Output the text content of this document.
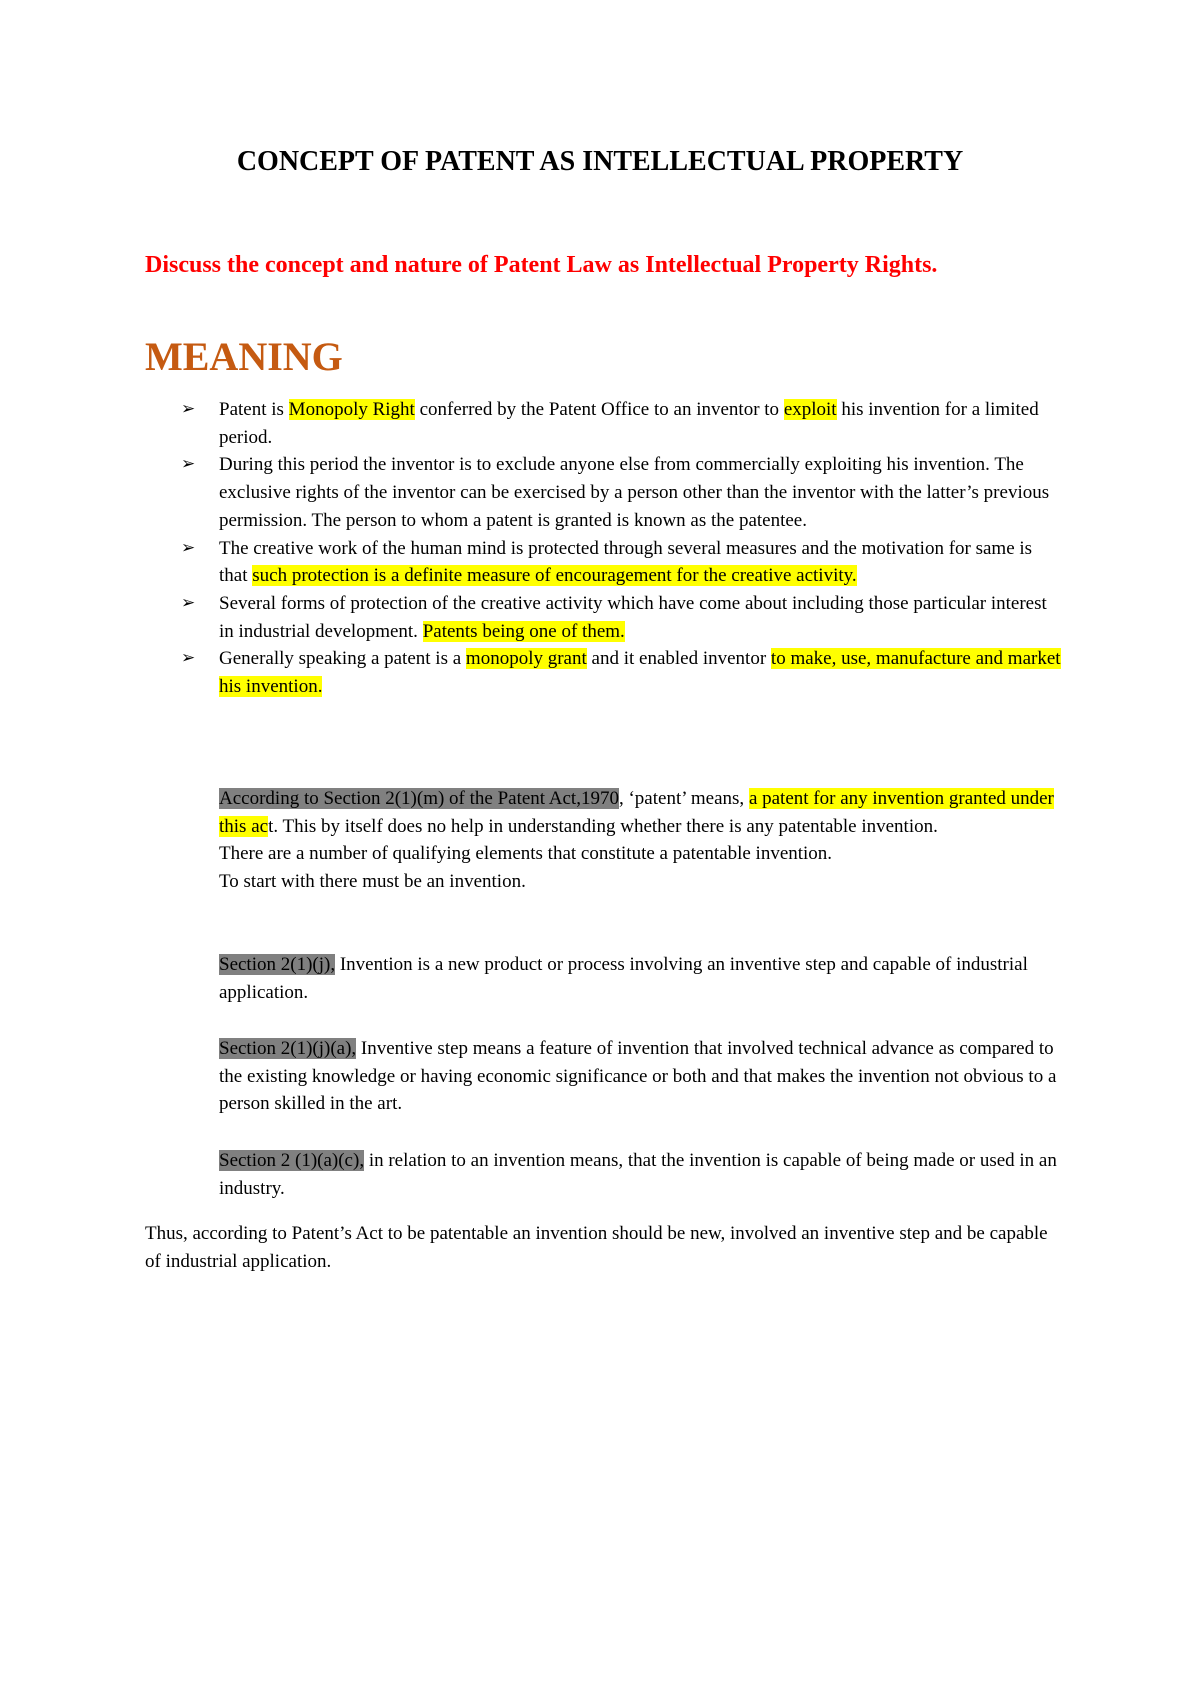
CONCEPT OF PATENT AS INTELLECTUAL PROPERTY

Discuss the concept and nature of Patent Law as Intellectual Property Rights.

MEANING
➢ Patent is Monopoly Right conferred by the Patent Office to an inventor to exploit his invention for a limited period.
➢ During this period the inventor is to exclude anyone else from commercially exploiting his invention. The exclusive rights of the inventor can be exercised by a person other than the inventor with the latter’s previous permission. The person to whom a patent is granted is known as the patentee.
➢ The creative work of the human mind is protected through several measures and the motivation for same is that such protection is a definite measure of encouragement for the creative activity.
➢ Several forms of protection of the creative activity which have come about including those particular interest in industrial development. Patents being one of them.
➢ Generally speaking a patent is a monopoly grant and it enabled inventor to make, use, manufacture and market his invention.
According to Section 2(1)(m) of the Patent Act,1970, ‘patent’ means, a patent for any invention granted under this act. This by itself does no help in understanding whether there is any patentable invention.
There are a number of qualifying elements that constitute a patentable invention.
To start with there must be an invention.

Section 2(1)(j), Invention is a new product or process involving an inventive step and capable of industrial application.

Section 2(1)(j)(a), Inventive step means a feature of invention that involved technical advance as compared to the existing knowledge or having economic significance or both and that makes the invention not obvious to a person skilled in the art.

Section 2 (1)(a)(c), in relation to an invention means, that the invention is capable of being made or used in an industry.

Thus, according to Patent’s Act to be patentable an invention should be new, involved an inventive step and be capable of industrial application.
